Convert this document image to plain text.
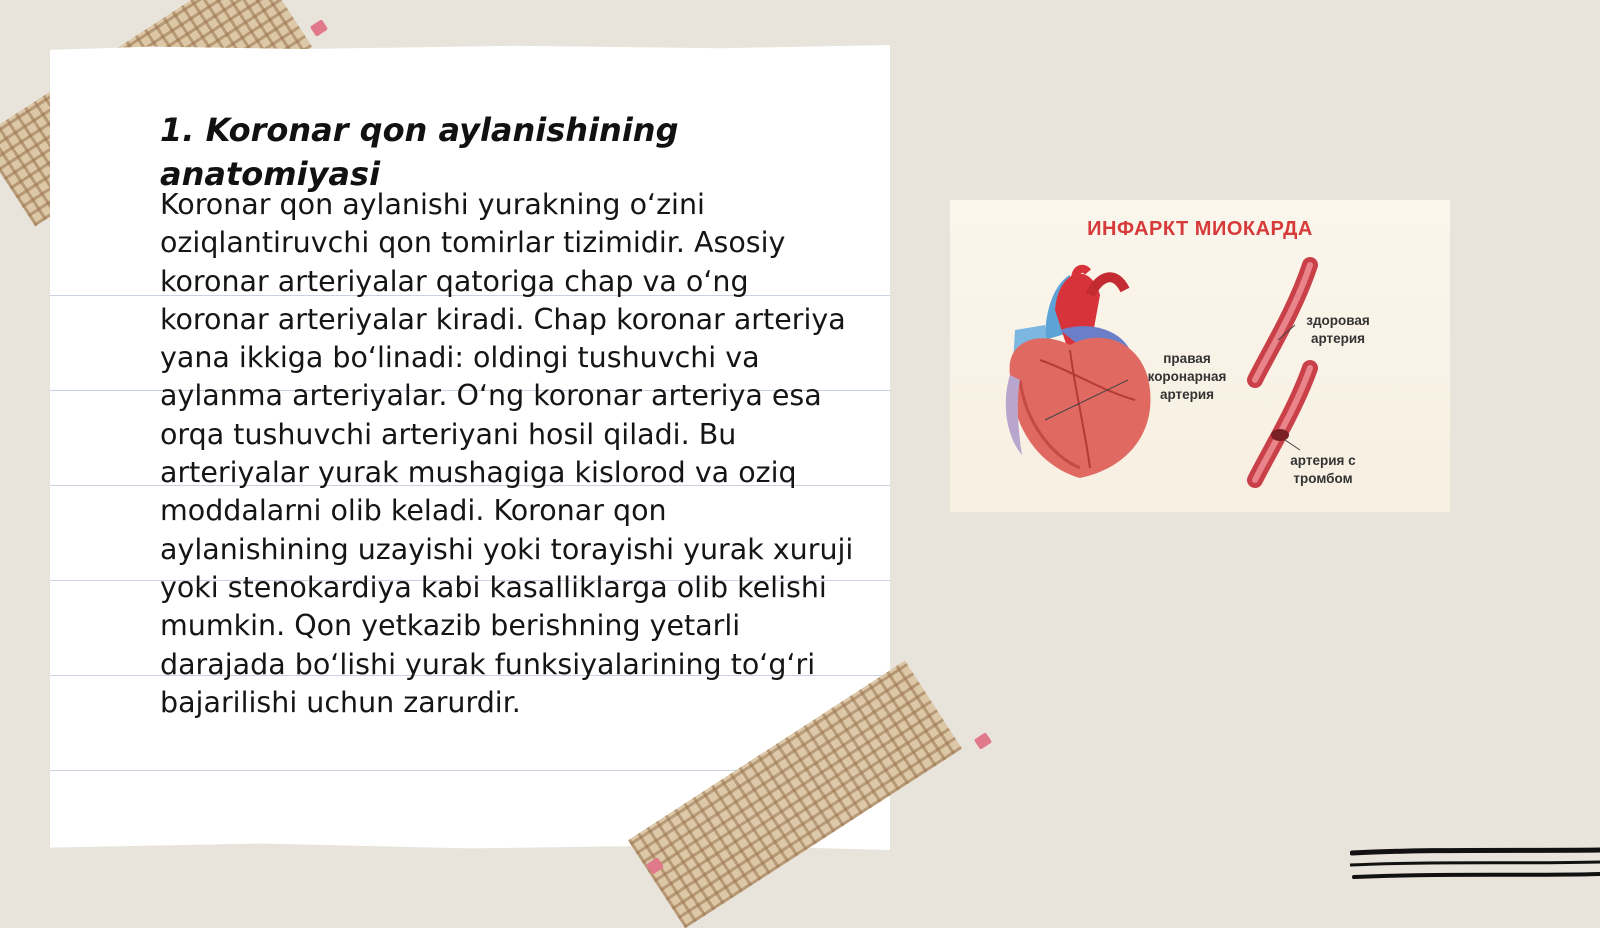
1. Koronar qon aylanishining anatomiyasi

Koronar qon aylanishi yurakning oʻzini oziqlantiruvchi qon tomirlar tizimidir. Asosiy koronar arteriyalar qatoriga chap va oʻng koronar arteriyalar kiradi. Chap koronar arteriya yana ikkiga boʻlinadi: oldingi tushuvchi va aylanma arteriyalar. Oʻng koronar arteriya esa orqa tushuvchi arteriyani hosil qiladi. Bu arteriyalar yurak mushagiga kislorod va oziq moddalarni olib keladi. Koronar qon aylanishining uzayishi yoki torayishi yurak xuruji yoki stenokardiya kabi kasalliklarga olib kelishi mumkin. Qon yetkazib berishning yetarli darajada boʻlishi yurak funksiyalarining toʻgʻri bajarilishi uchun zarurdir.

ИНФАРКТ МИОКАРДА
правая коронарная артерия
здоровая артерия
артерия с тромбом
